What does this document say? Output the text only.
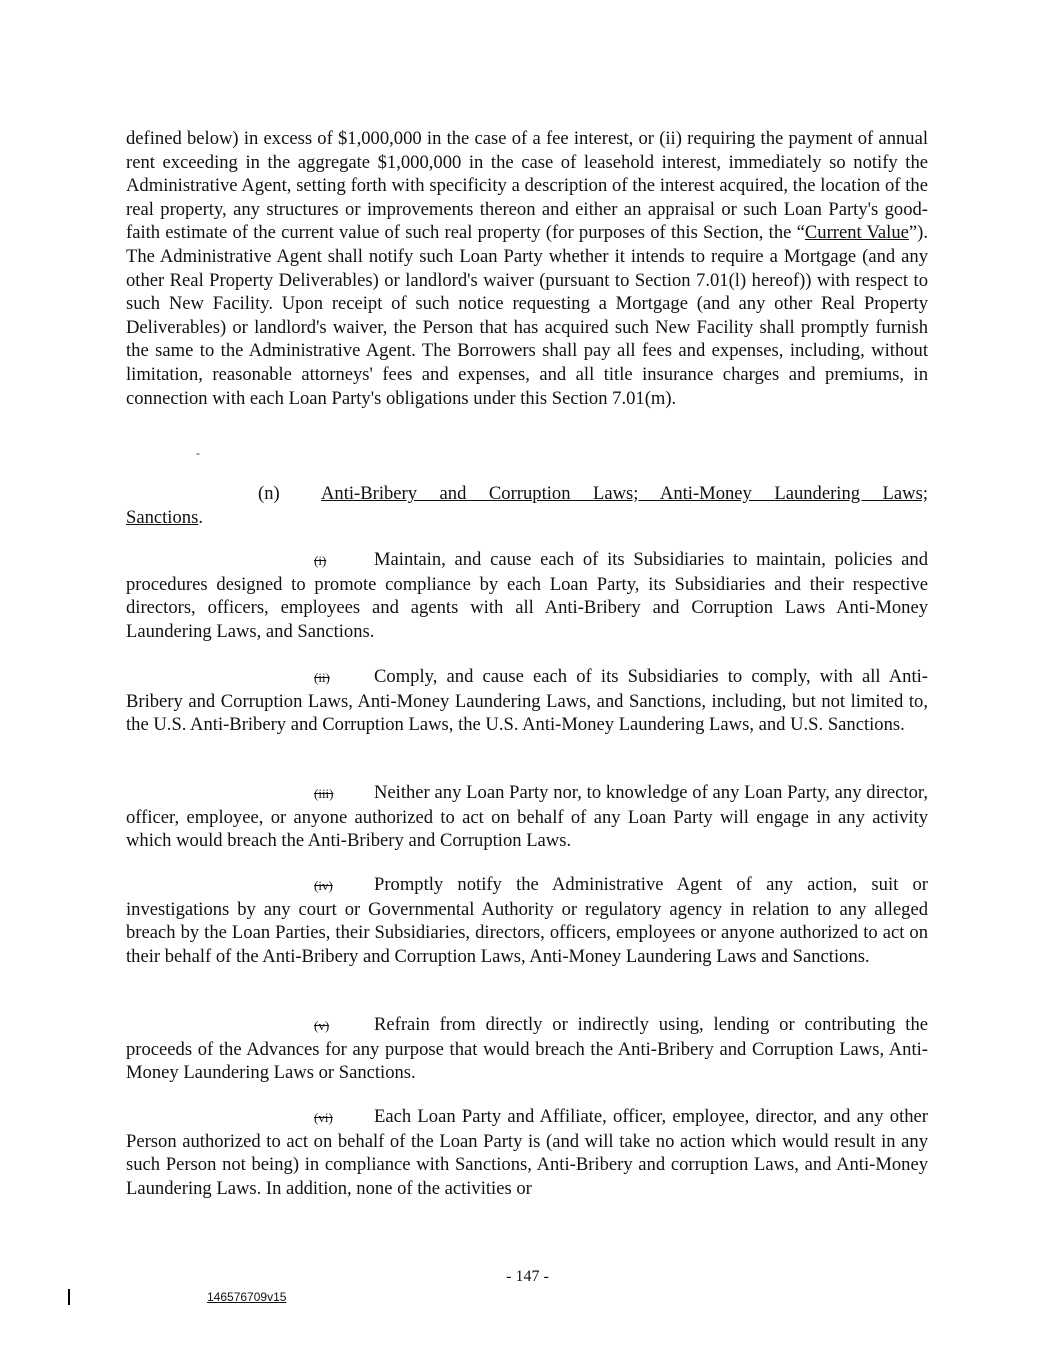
defined below) in excess of $1,000,000 in the case of a fee interest, or (ii) requiring the payment of annual rent exceeding in the aggregate $1,000,000 in the case of leasehold interest, immediately so notify the Administrative Agent, setting forth with specificity a description of the interest acquired, the location of the real property, any structures or improvements thereon and either an appraisal or such Loan Party's good-faith estimate of the current value of such real property (for purposes of this Section, the “Current Value”). The Administrative Agent shall notify such Loan Party whether it intends to require a Mortgage (and any other Real Property Deliverables) or landlord's waiver (pursuant to Section 7.01(l) hereof)) with respect to such New Facility. Upon receipt of such notice requesting a Mortgage (and any other Real Property Deliverables) or landlord's waiver, the Person that has acquired such New Facility shall promptly furnish the same to the Administrative Agent. The Borrowers shall pay all fees and expenses, including, without limitation, reasonable attorneys' fees and expenses, and all title insurance charges and premiums, in connection with each Loan Party's obligations under this Section 7.01(m).
-
(n)	Anti-Bribery and Corruption Laws; Anti-Money Laundering Laws;
Sanctions.
(i)	Maintain, and cause each of its Subsidiaries to maintain, policies and procedures designed to promote compliance by each Loan Party, its Subsidiaries and their respective directors, officers, employees and agents with all Anti-Bribery and Corruption Laws Anti-Money Laundering Laws, and Sanctions.
(ii) Comply, and cause each of its Subsidiaries to comply, with all Anti-Bribery and Corruption Laws, Anti-Money Laundering Laws, and Sanctions, including, but not limited to, the U.S. Anti-Bribery and Corruption Laws, the U.S. Anti-Money Laundering Laws, and U.S. Sanctions.
(iii) Neither any Loan Party nor, to knowledge of any Loan Party, any director, officer, employee, or anyone authorized to act on behalf of any Loan Party will engage in any activity which would breach the Anti-Bribery and Corruption Laws.
(iv) Promptly notify the Administrative Agent of any action, suit or investigations by any court or Governmental Authority or regulatory agency in relation to any alleged breach by the Loan Parties, their Subsidiaries, directors, officers, employees or anyone authorized to act on their behalf of the Anti-Bribery and Corruption Laws, Anti-Money Laundering Laws and Sanctions.
(v) Refrain from directly or indirectly using, lending or contributing the proceeds of the Advances for any purpose that would breach the Anti-Bribery and Corruption Laws, Anti-Money Laundering Laws or Sanctions.
(vi) Each Loan Party and Affiliate, officer, employee, director, and any other Person authorized to act on behalf of the Loan Party is (and will take no action which would result in any such Person not being) in compliance with Sanctions, Anti-Bribery and corruption Laws, and Anti-Money Laundering Laws. In addition, none of the activities or
- 147 -
146576709v15
